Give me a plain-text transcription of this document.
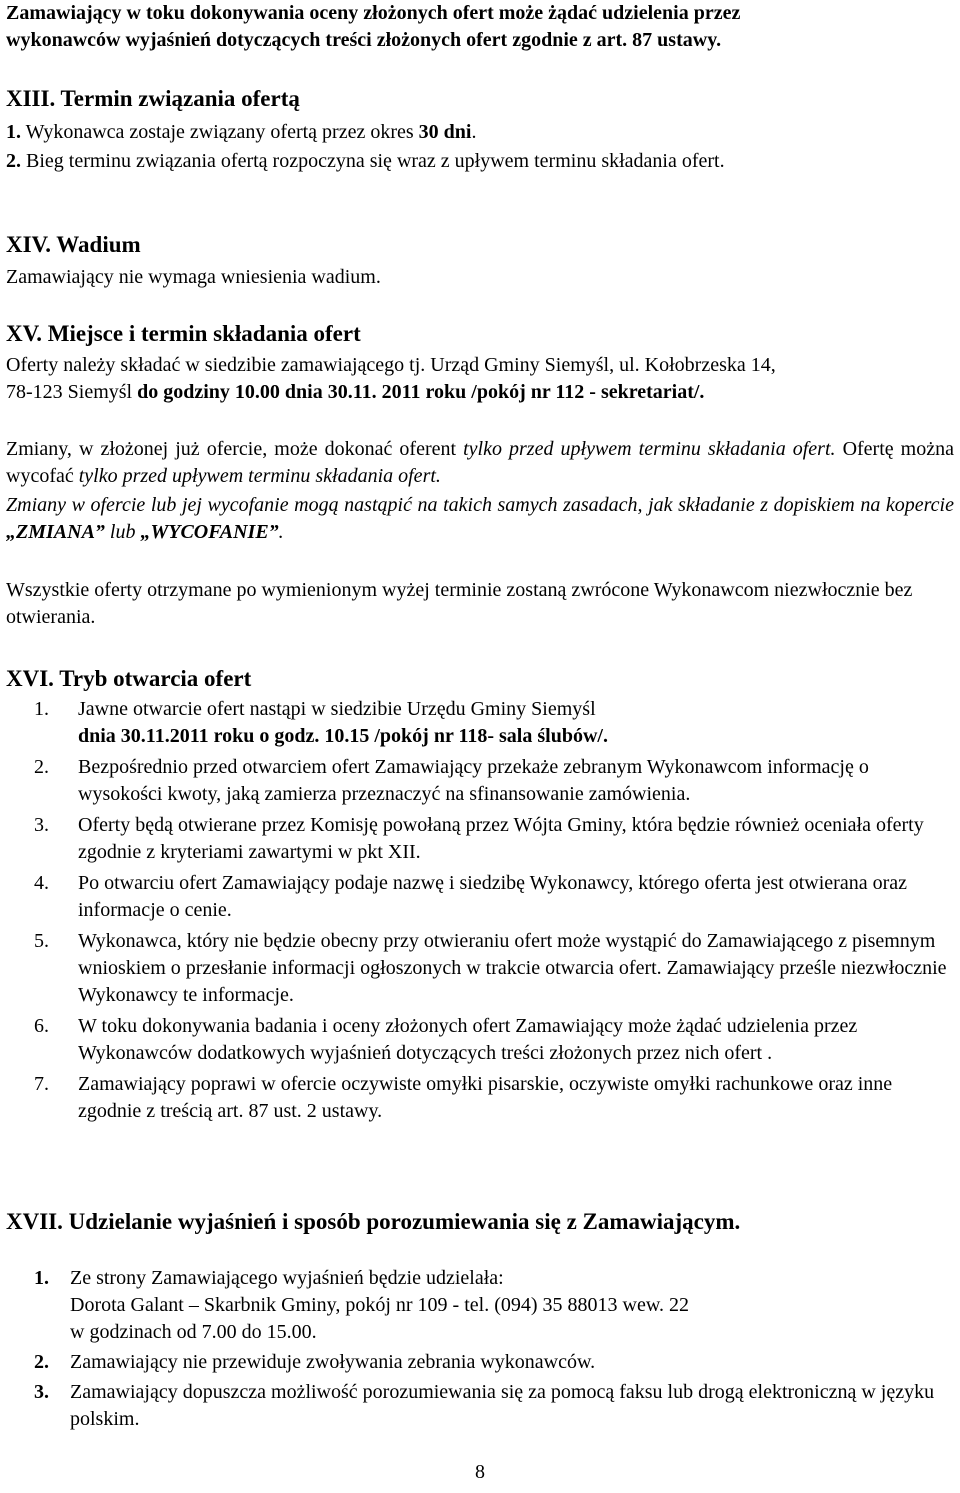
Zamawiający w toku dokonywania oceny złożonych ofert może żądać udzielenia przez

wykonawców wyjaśnień dotyczących treści złożonych ofert zgodnie z art. 87 ustawy.

XIII. Termin związania ofertą
1. Wykonawca zostaje związany ofertą przez okres 30 dni.
2. Bieg terminu związania ofertą rozpoczyna się wraz z upływem terminu składania ofert.
XIV. Wadium
Zamawiający nie wymaga wniesienia wadium.
XV. Miejsce i termin składania ofert

Oferty należy składać w siedzibie zamawiającego tj. Urząd Gminy Siemyśl, ul. Kołobrzeska 14,

78-123 Siemyśl do godziny 10.00 dnia 30.11. 2011 roku /pokój nr 112 - sekretariat/.

Zmiany, w złożonej już ofercie, może dokonać oferent tylko przed upływem terminu składania ofert. Ofertę można wycofać tylko przed upływem terminu składania ofert.
Zmiany w ofercie lub jej wycofanie mogą nastąpić na takich samych zasadach, jak składanie z dopiskiem na kopercie „ZMIANA” lub „WYCOFANIE”.
Wszystkie oferty otrzymane po wymienionym wyżej terminie zostaną zwrócone Wykonawcom niezwłocznie bez otwierania.
XVI. Tryb otwarcia ofert
1. Jawne otwarcie ofert nastąpi w siedzibie Urzędu Gminy Siemyśl

dnia 30.11.2011 roku o godz. 10.15 /pokój nr 118- sala ślubów/.

2. Bezpośrednio przed otwarciem ofert Zamawiający przekaże zebranym Wykonawcom informację o wysokości kwoty, jaką zamierza przeznaczyć na sfinansowanie zamówienia.

3. Oferty będą otwierane przez Komisję powołaną przez Wójta Gminy, która będzie również oceniała oferty zgodnie z kryteriami zawartymi w pkt XII.

4. Po otwarciu ofert Zamawiający podaje nazwę i siedzibę Wykonawcy, którego oferta jest otwierana oraz informacje o cenie.

5. Wykonawca, który nie będzie obecny przy otwieraniu ofert może wystąpić do Zamawiającego z pisemnym wnioskiem o przesłanie informacji ogłoszonych w trakcie otwarcia ofert. Zamawiający prześle niezwłocznie Wykonawcy te informacje.

6. W toku dokonywania badania i oceny złożonych ofert Zamawiający może żądać udzielenia przez Wykonawców dodatkowych wyjaśnień dotyczących treści złożonych przez nich ofert .

7. Zamawiający poprawi w ofercie oczywiste omyłki pisarskie, oczywiste omyłki rachunkowe oraz inne zgodnie z treścią art. 87 ust. 2 ustawy.

XVII. Udzielanie wyjaśnień i sposób porozumiewania się z Zamawiającym.
1. Ze strony Zamawiającego wyjaśnień będzie udzielała:

Dorota Galant – Skarbnik Gminy, pokój nr 109 - tel. (094) 35 88013 wew. 22

w godzinach od 7.00 do 15.00.

2. Zamawiający nie przewiduje zwoływania zebrania wykonawców.

3. Zamawiający dopuszcza możliwość porozumiewania się za pomocą faksu lub drogą elektroniczną w języku polskim.

8
